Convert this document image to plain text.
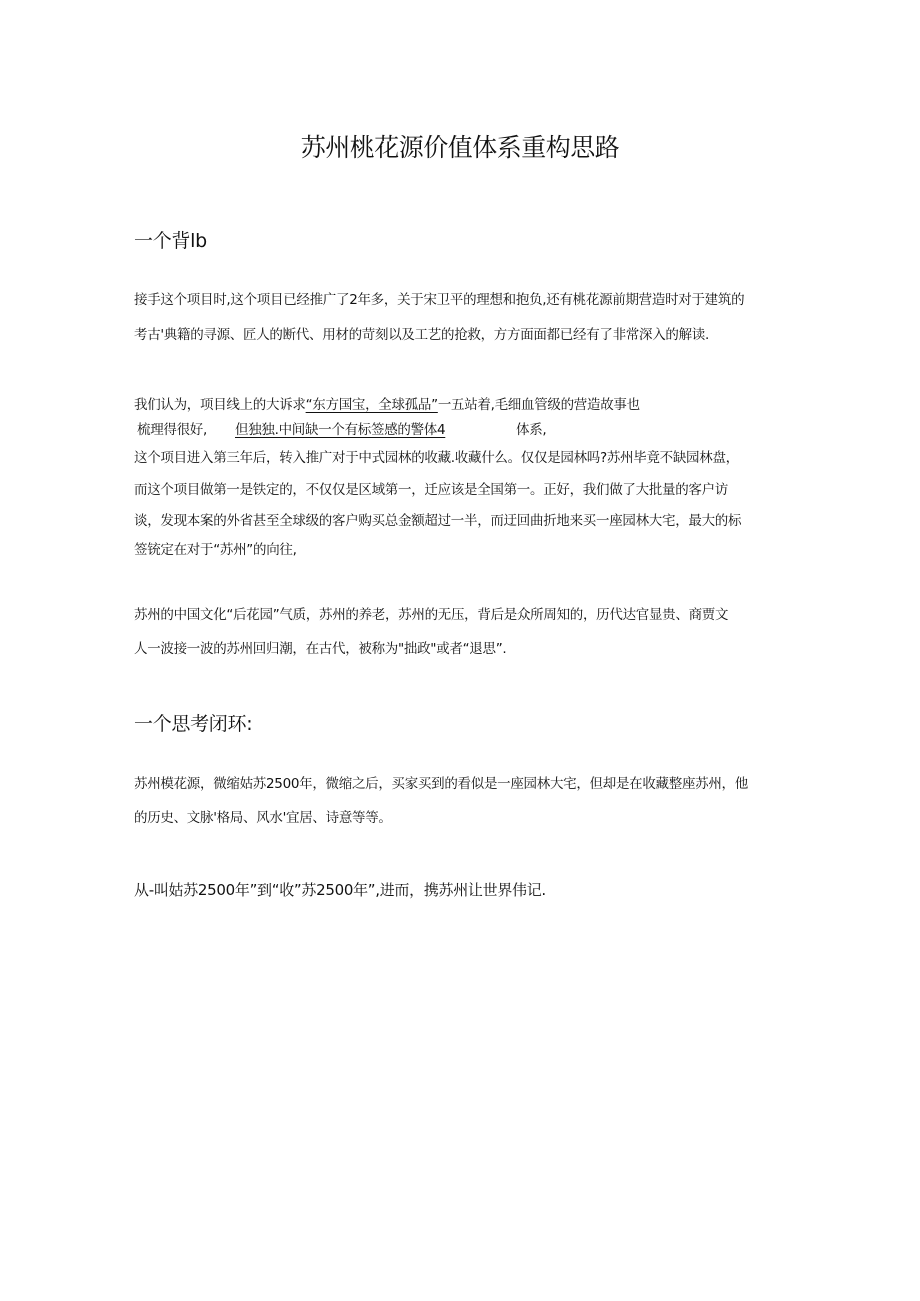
苏州桃花源价值体系重构思路
一个背lb
接手这个项目时,这个项目已经推广了2年多，关于宋卫平的理想和抱负,还有桃花源前期营造时对于建筑的
考古'典籍的寻源、匠人的断代、用材的苛刻以及工艺的抢救，方方面面都已经有了非常深入的解读.
我们认为，项目线上的大诉求“东方国宝，全球孤品”一五站着,毛细血管级的营造故事也
梳理得很好, 但独独.中间缺一个有标签感的警体4	体系,
这个项目进入第三年后，转入推广对于中式园林的收藏.收藏什么。仅仅是园林吗?苏州毕竟不缺园林盘，
而这个项目做第一是铁定的，不仅仅是区域第一，迁应该是全国第一。正好，我们做了大批量的客户访
谈，发现本案的外省甚至全球级的客户购买总金额超过一半，而迂回曲折地来买一座园林大宅，最大的标
签铳定在对于“苏州”的向往,
苏州的中国文化“后花园”气质，苏州的养老，苏州的无压，背后是众所周知的，历代达官显贵、商贾文
人一波接一波的苏州回归潮，在古代，被称为"拙政"或者“退思”.
一个思考闭环:
苏州模花源，微缩姑苏2500年，微缩之后，买家买到的看似是一座园林大宅，但却是在收藏整座苏州，他
的历史、文脉'格局、风水'宜居、诗意等等。
从-叫姑苏2500年”到“收”苏2500年”,进而，携苏州让世界伟记.
